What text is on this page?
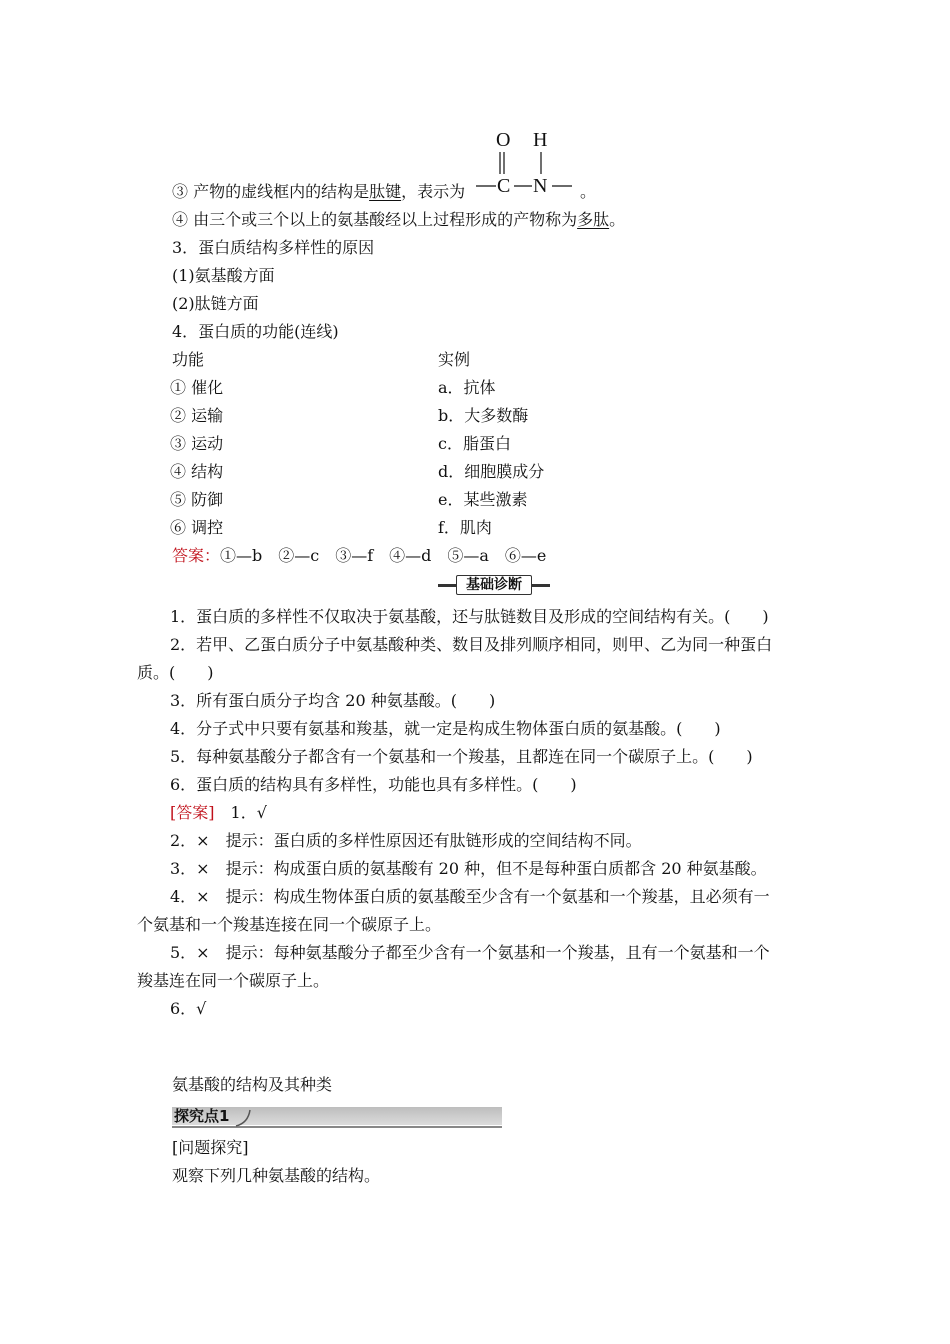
O H
C N
③ 产物的虚线框内的结构是肽键，表示为	。
④ 由三个或三个以上的氨基酸经以上过程形成的产物称为多肽。
3．蛋白质结构多样性的原因
(1)氨基酸方面
(2)肽链方面
4．蛋白质的功能(连线)
功能	实例
① 催化
② 运输
③ 运动
④ 结构
⑤ 防御
⑥ 调控
a．抗体
b．大多数酶
c．脂蛋白
d．细胞膜成分
e．某些激素
f．肌肉
答案：①—b　②—c　③—f　④—d　⑤—a　⑥—e
基础诊断
1．蛋白质的多样性不仅取决于氨基酸，还与肽链数目及形成的空间结构有关。(　　)
2．若甲、乙蛋白质分子中氨基酸种类、数目及排列顺序相同，则甲、乙为同一种蛋白
质。(　　)
3．所有蛋白质分子均含 20 种氨基酸。(　　)
4．分子式中只要有氨基和羧基，就一定是构成生物体蛋白质的氨基酸。(　　)
5．每种氨基酸分子都含有一个氨基和一个羧基，且都连在同一个碳原子上。(　　)
6．蛋白质的结构具有多样性，功能也具有多样性。(　　)
[答案]　 1．√
2．×　提示：蛋白质的多样性原因还有肽链形成的空间结构不同。
3．×　提示：构成蛋白质的氨基酸有 20 种，但不是每种蛋白质都含 20 种氨基酸。
4．×　提示：构成生物体蛋白质的氨基酸至少含有一个氨基和一个羧基，且必须有一
个氨基和一个羧基连接在同一个碳原子上。
5．×　提示：每种氨基酸分子都至少含有一个氨基和一个羧基，且有一个氨基和一个
羧基连在同一个碳原子上。
6．√
氨基酸的结构及其种类
探究点1
[问题探究]
观察下列几种氨基酸的结构。
